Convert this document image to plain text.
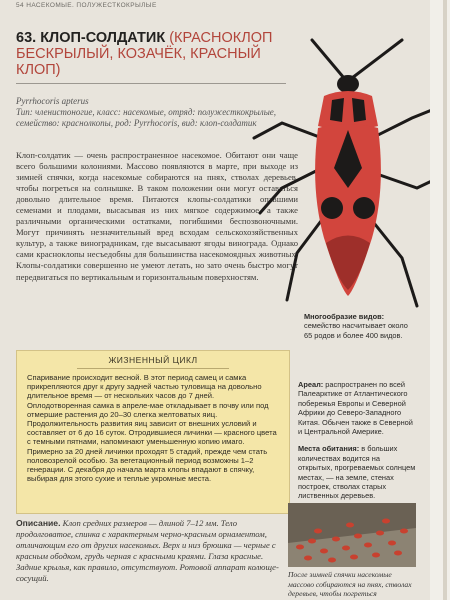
54 НАСЕКОМЫЕ. ПОЛУЖЕСТКОКРЫЛЫЕ
63. КЛОП-СОЛДАТИК (КРАСНОКЛОП БЕСКРЫЛЫЙ, КОЗАЧЁК, КРАСНЫЙ КЛОП)
Pyrrhocoris apterus
Тип: членистоногие, класс: насекомые, отряд: полужесткокрылые, семейство: краснолкопы, род: Pyrrhocoris, вид: клоп-солдатик

Клоп-солдатик — очень распространенное насекомое. Обитают они чаще всего большими колониями. Массово появляются в марте, при выходе из зимней спячки, когда насекомые собираются на пнях, стволах деревьев, чтобы погреться на солнышке. В таком положении они могут оставаться довольно длительное время. Питаются клопы-солдатики опавшими семенами и плодами, высасывая из них мягкое содержимое, а также различными органическими остатками, погибшими беспозвоночными. Могут причинять незначительный вред всходам сельскохозяйственных культур, а также виноградникам, где высасывают ягоды винограда. Однако сами красноклопы несъедобны для большинства насекомоядных животных. Клопы-солдатики совершенно не умеют летать, но зато очень быстро могут передвигаться по вертикальным и горизонтальным поверхностям.

Многообразие видов:
семейство насчитывает около 65 родов и более 400 видов.
ЖИЗНЕННЫЙ ЦИКЛ
Спаривание происходит весной. В этот период самец и самка прикрепляются друг к другу задней частью туловища на довольно длительное время — от нескольких часов до 7 дней. Оплодотворенная самка в апреле-мае откладывает в почву или под отмершие растения до 20–30 слегка желтоватых яиц. Продолжительность развития яиц зависит от внешних условий и составляет от 6 до 16 суток. Отродившиеся личинки — красного цвета с темными пятнами, напоминают уменьшенную копию имаго. Примерно за 20 дней личинки проходят 5 стадий, прежде чем стать половозрелой особью. За вегетационный период возможны 1–2 генерации. С декабря до начала марта клопы впадают в спячку, выбирая для этого сухие и теплые укромные места.
Описание. Клоп средних размеров — длиной 7–12 мм. Тело продолговатое, спинка с характерным черно-красным орнаментом, отличающим его от других насекомых. Верх и низ брюшка — черные с красным ободком, грудь черная с красными краями. Глаза красные. Задние крылья, как правило, отсутствуют. Ротовой аппарат колюще-сосущий.

Ареал: распространен по всей Палеарктике от Атлантического побережья Европы и Северной Африки до Северо-Западного Китая. Обычен также в Северной и Центральной Америке.

Места обитания: в больших количествах водится на открытых, прогреваемых солнцем местах, — на земле, стенах построек, стволах старых лиственных деревьев.

После зимней спячки насекомые массово собираются на пнях, стволах деревьев, чтобы погреться
